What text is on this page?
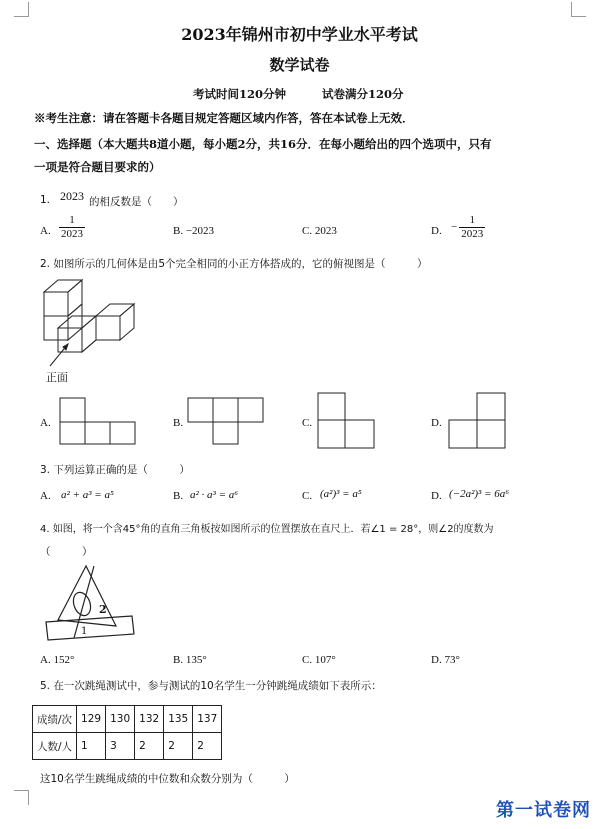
2023年锦州市初中学业水平考试
数学试卷
考试时间120分钟	试卷满分120分
※考生注意：请在答题卡各题目规定答题区域内作答，答在本试卷上无效．
一、选择题（本大题共8道小题，每小题2分，共16分．在每小题给出的四个选项中，只有
一项是符合题目要求的）
1. 2023 的相反数是（　　）
A. $\frac{1}{2023}$	B. −2023	C. 2023	D. − $\frac{1}{2023}$
2. 如图所示的几何体是由5个完全相同的小正方体搭成的，它的俯视图是（　　　）
正面
A.	B.	C.	D.
3. 下列运算正确的是（　　　）
A. a² + a³ = a⁵	B. a² · a³ = a⁶	C. (a²)³ = a⁵	D. (−2a²)³ = 6a⁶
4. 如图，将一个含45°角的直角三角板按如图所示的位置摆放在直尺上．若∠1 = 28°，则∠2的度数为
（　　　）
2
1
A. 152°	B. 135°	C. 107°	D. 73°
5. 在一次跳绳测试中，参与测试的10名学生一分钟跳绳成绩如下表所示：
成绩/次	129	130	132	135	137
人数/人	1	3	2	2	2
这10名学生跳绳成绩的中位数和众数分别为（　　　）
第一试卷网
